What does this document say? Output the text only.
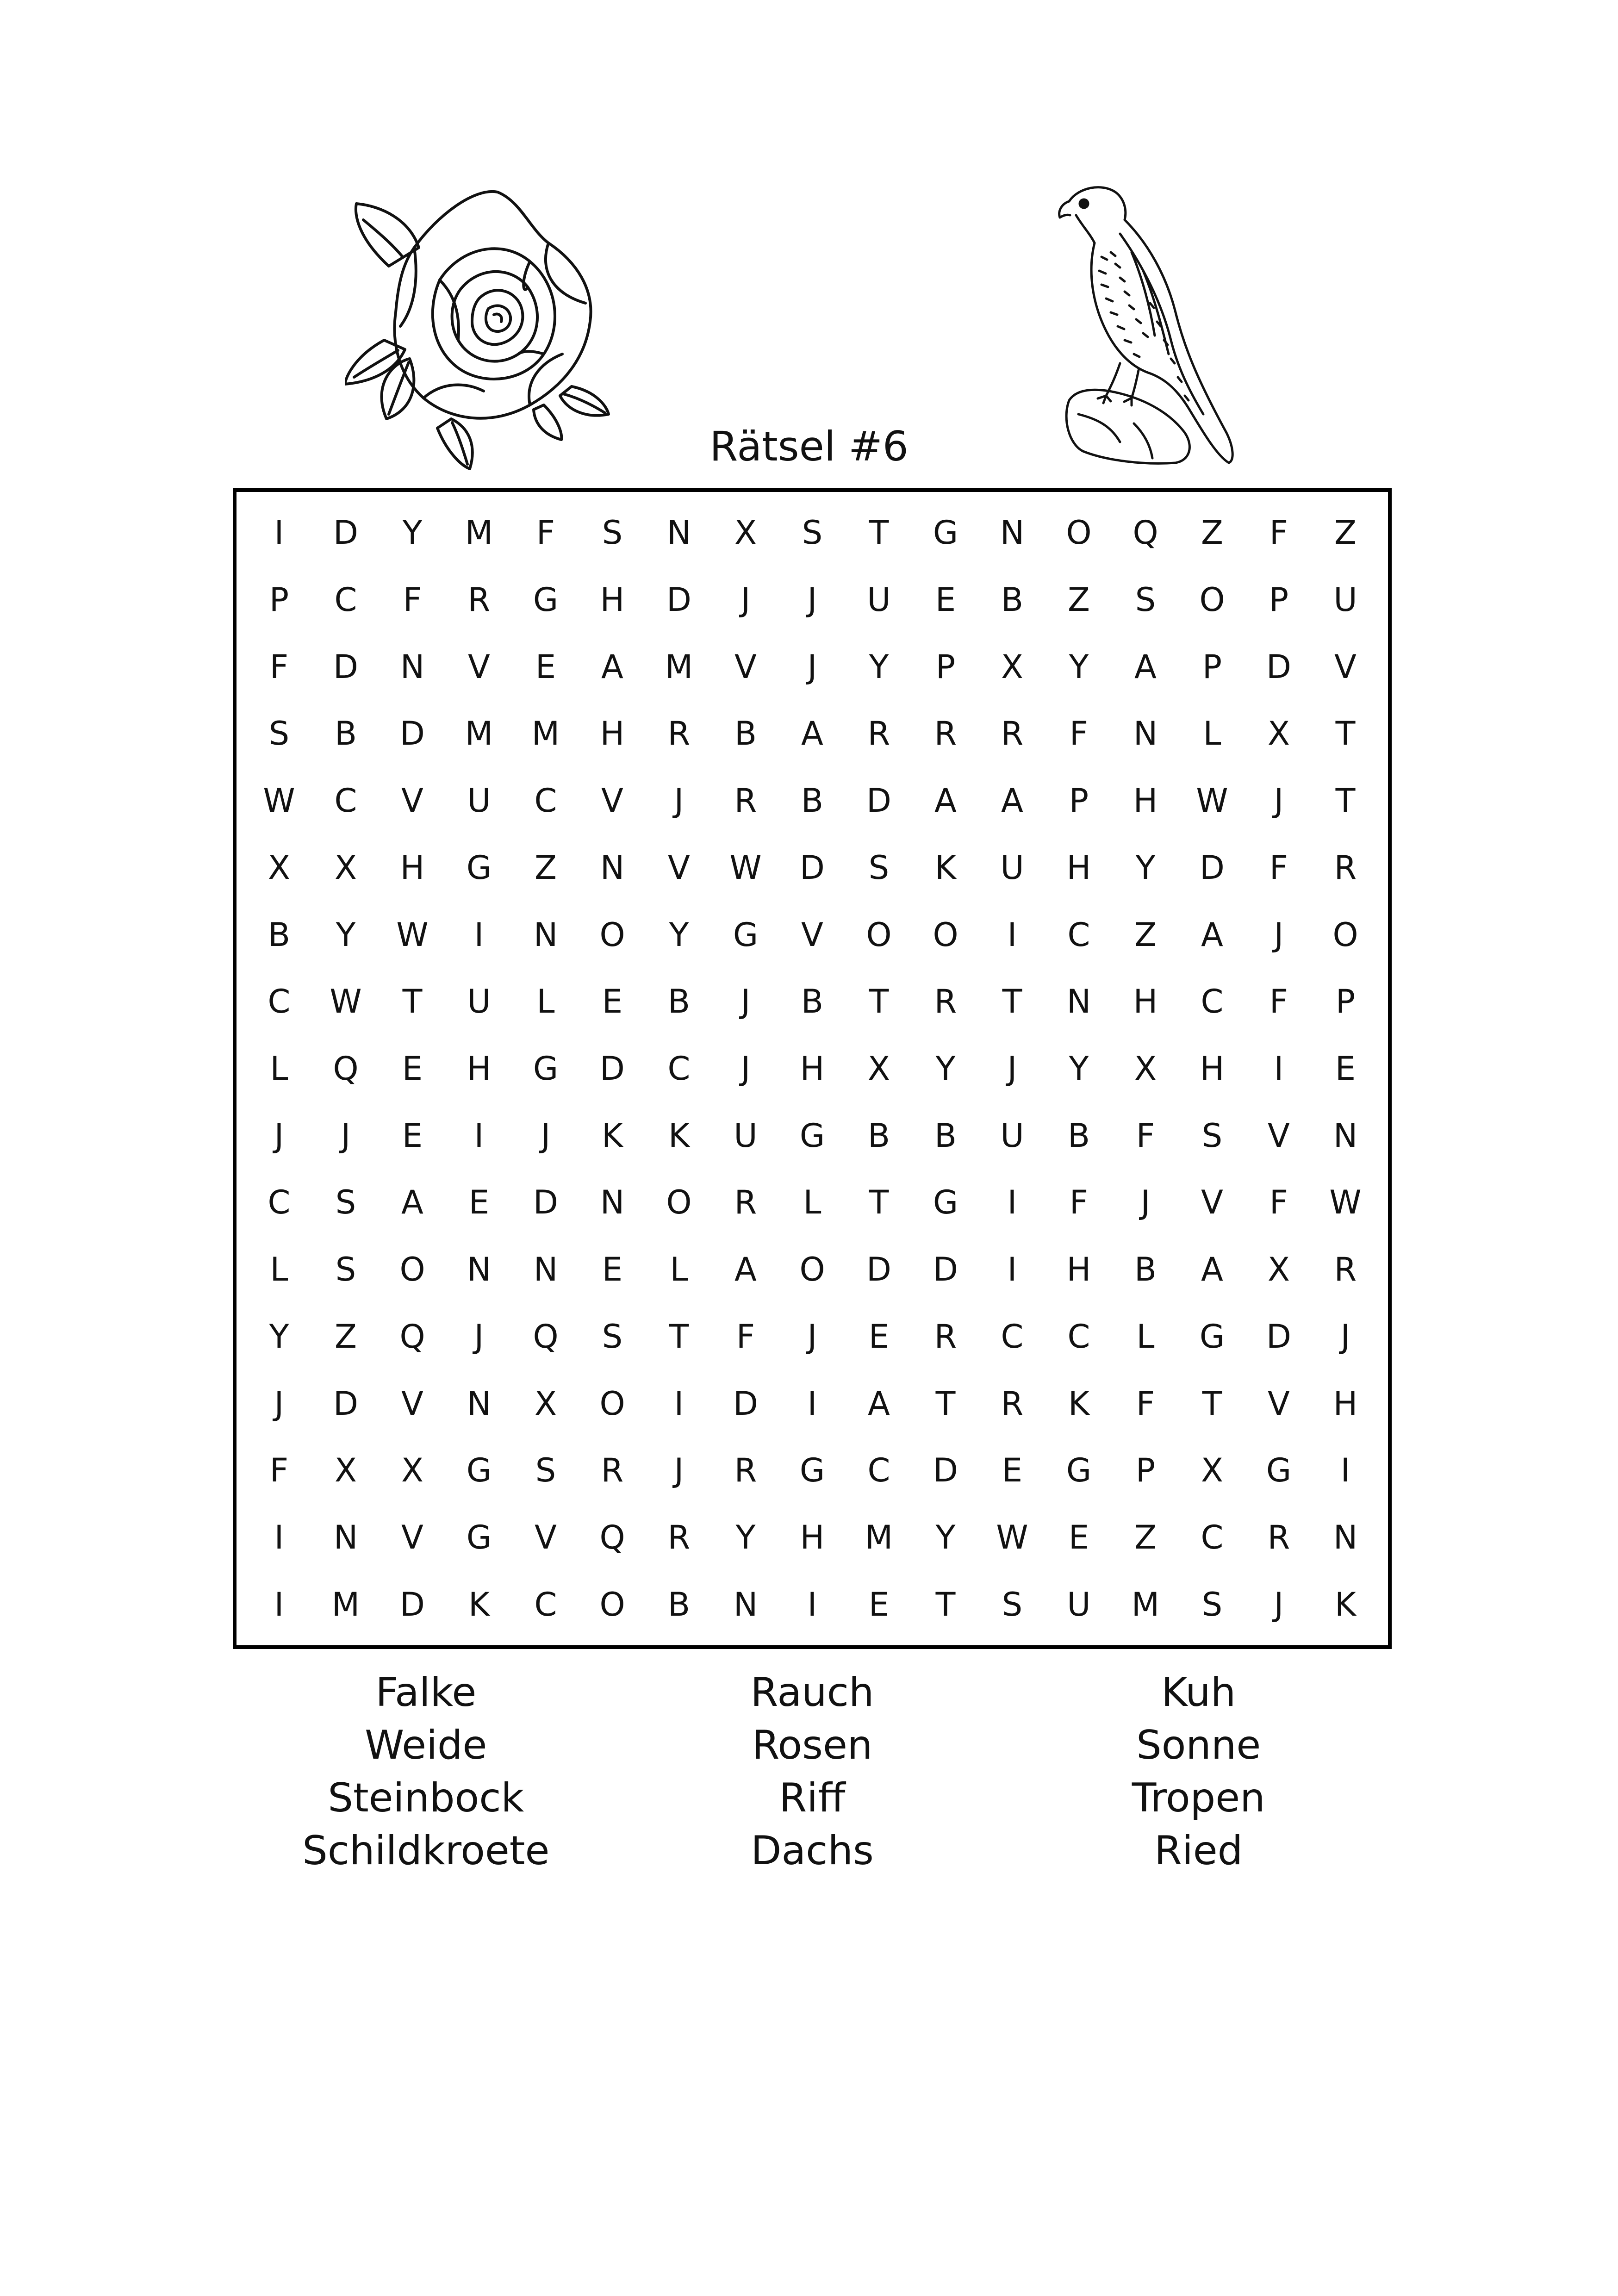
Rätsel #6
I	D	Y	M	F	S	N	X	S	T	G	N	O	Q	Z	F	Z
P	C	F	R	G	H	D	J	J	U	E	B	Z	S	O	P	U
F	D	N	V	E	A	M	V	J	Y	P	X	Y	A	P	D	V
S	B	D	M	M	H	R	B	A	R	R	R	F	N	L	X	T
W	C	V	U	C	V	J	R	B	D	A	A	P	H	W	J	T
X	X	H	G	Z	N	V	W	D	S	K	U	H	Y	D	F	R
B	Y	W	I	N	O	Y	G	V	O	O	I	C	Z	A	J	O
C	W	T	U	L	E	B	J	B	T	R	T	N	H	C	F	P
L	Q	E	H	G	D	C	J	H	X	Y	J	Y	X	H	I	E
J	J	E	I	J	K	K	U	G	B	B	U	B	F	S	V	N
C	S	A	E	D	N	O	R	L	T	G	I	F	J	V	F	W
L	S	O	N	N	E	L	A	O	D	D	I	H	B	A	X	R
Y	Z	Q	J	Q	S	T	F	J	E	R	C	C	L	G	D	J
J	D	V	N	X	O	I	D	I	A	T	R	K	F	T	V	H
F	X	X	G	S	R	J	R	G	C	D	E	G	P	X	G	I
I	N	V	G	V	Q	R	Y	H	M	Y	W	E	Z	C	R	N
I	M	D	K	C	O	B	N	I	E	T	S	U	M	S	J	K
Falke
Weide
Steinbock
Schildkroete
Rauch
Rosen
Riff
Dachs
Kuh
Sonne
Tropen
Ried
